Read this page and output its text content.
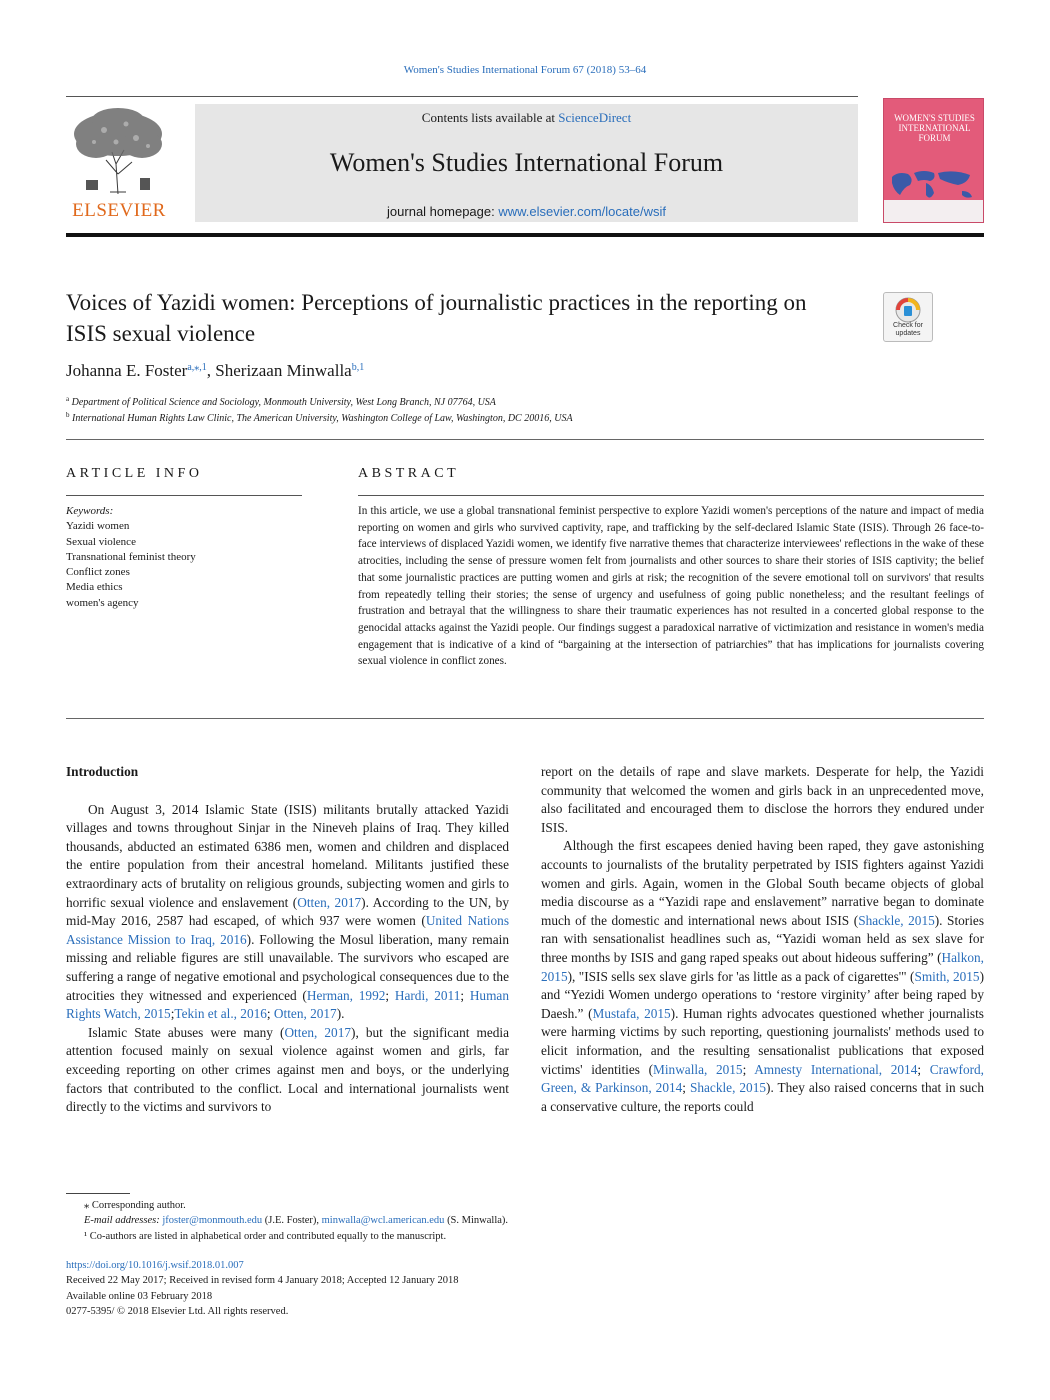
Women's Studies International Forum 67 (2018) 53–64
ELSEVIER
Contents lists available at ScienceDirect
Women's Studies International Forum
journal homepage: www.elsevier.com/locate/wsif
WOMEN'S STUDIES INTERNATIONAL FORUM
Voices of Yazidi women: Perceptions of journalistic practices in the reporting on ISIS sexual violence	Check for updates
Johanna E. Foster$^{a,⁎,1}$, Sherizaan Minwalla$^{b,1}$
$^a$ Department of Political Science and Sociology, Monmouth University, West Long Branch, NJ 07764, USA
$^b$ International Human Rights Law Clinic, The American University, Washington College of Law, Washington, DC 20016, USA
ARTICLE INFO	ABSTRACT
Keywords:
Yazidi women
Sexual violence
Transnational feminist theory
Conflict zones
Media ethics
women's agency
In this article, we use a global transnational feminist perspective to explore Yazidi women's perceptions of the nature and impact of media reporting on women and girls who survived captivity, rape, and trafficking by the self-declared Islamic State (ISIS). Through 26 face-to-face interviews of displaced Yazidi women, we identify five narrative themes that characterize interviewees' reflections in the wake of these atrocities, including the sense of pressure women felt from journalists and other sources to share their stories of ISIS captivity; the belief that some journalistic practices are putting women and girls at risk; the recognition of the severe emotional toll on survivors' that results from repeatedly telling their stories; the sense of urgency and usefulness of going public nonetheless; and the resultant feelings of frustration and betrayal that the willingness to share their traumatic experiences has not resulted in a concerted global response to the genocidal attacks against the Yazidi people. Our findings suggest a paradoxical narrative of victimization and resistance in women's media engagement that is indicative of a kind of “bargaining at the intersection of patriarchies” that has implications for journalists covering sexual violence in conflict zones.
Introduction

On August 3, 2014 Islamic State (ISIS) militants brutally attacked Yazidi villages and towns throughout Sinjar in the Nineveh plains of Iraq. They killed thousands, abducted an estimated 6386 men, women and children and displaced the entire population from their ancestral homeland. Militants justified these extraordinary acts of brutality on religious grounds, subjecting women and girls to horrific sexual violence and enslavement (Otten, 2017). According to the UN, by mid-May 2016, 2587 had escaped, of which 937 were women (United Nations Assistance Mission to Iraq, 2016). Following the Mosul liberation, many remain missing and reliable figures are still unavailable. The survivors who escaped are suffering a range of negative emotional and psychological consequences due to the atrocities they witnessed and experienced (Herman, 1992; Hardi, 2011; Human Rights Watch, 2015;Tekin et al., 2016; Otten, 2017).

Islamic State abuses were many (Otten, 2017), but the significant media attention focused mainly on sexual violence against women and girls, far exceeding reporting on other crimes against men and boys, or the underlying factors that contributed to the conflict. Local and international journalists went directly to the victims and survivors to

report on the details of rape and slave markets. Desperate for help, the Yazidi community that welcomed the women and girls back in an unprecedented move, also facilitated and encouraged them to disclose the horrors they endured under ISIS.

Although the first escapees denied having been raped, they gave astonishing accounts to journalists of the brutality perpetrated by ISIS fighters against Yazidi women and girls. Again, women in the Global South became objects of global media discourse as a “Yazidi rape and enslavement” narrative began to dominate much of the domestic and international news about ISIS (Shackle, 2015). Stories ran with sensationalist headlines such as, “Yazidi woman held as sex slave for three months by ISIS and gang raped speaks out about hideous suffering” (Halkon, 2015), "ISIS sells sex slave girls for 'as little as a pack of cigarettes'" (Smith, 2015) and “Yezidi Women undergo operations to ‘restore virginity’ after being raped by Daesh.” (Mustafa, 2015). Human rights advocates questioned whether journalists were harming victims by such reporting, questioning journalists' methods used to elicit information, and the resulting sensationalist publications that exposed victims' identities (Minwalla, 2015; Amnesty International, 2014; Crawford, Green, & Parkinson, 2014; Shackle, 2015). They also raised concerns that in such a conservative culture, the reports could

⁎ Corresponding author.
E-mail addresses: jfoster@monmouth.edu (J.E. Foster), minwalla@wcl.american.edu (S. Minwalla).
¹ Co-authors are listed in alphabetical order and contributed equally to the manuscript.
https://doi.org/10.1016/j.wsif.2018.01.007
Received 22 May 2017; Received in revised form 4 January 2018; Accepted 12 January 2018
Available online 03 February 2018
0277-5395/ © 2018 Elsevier Ltd. All rights reserved.
